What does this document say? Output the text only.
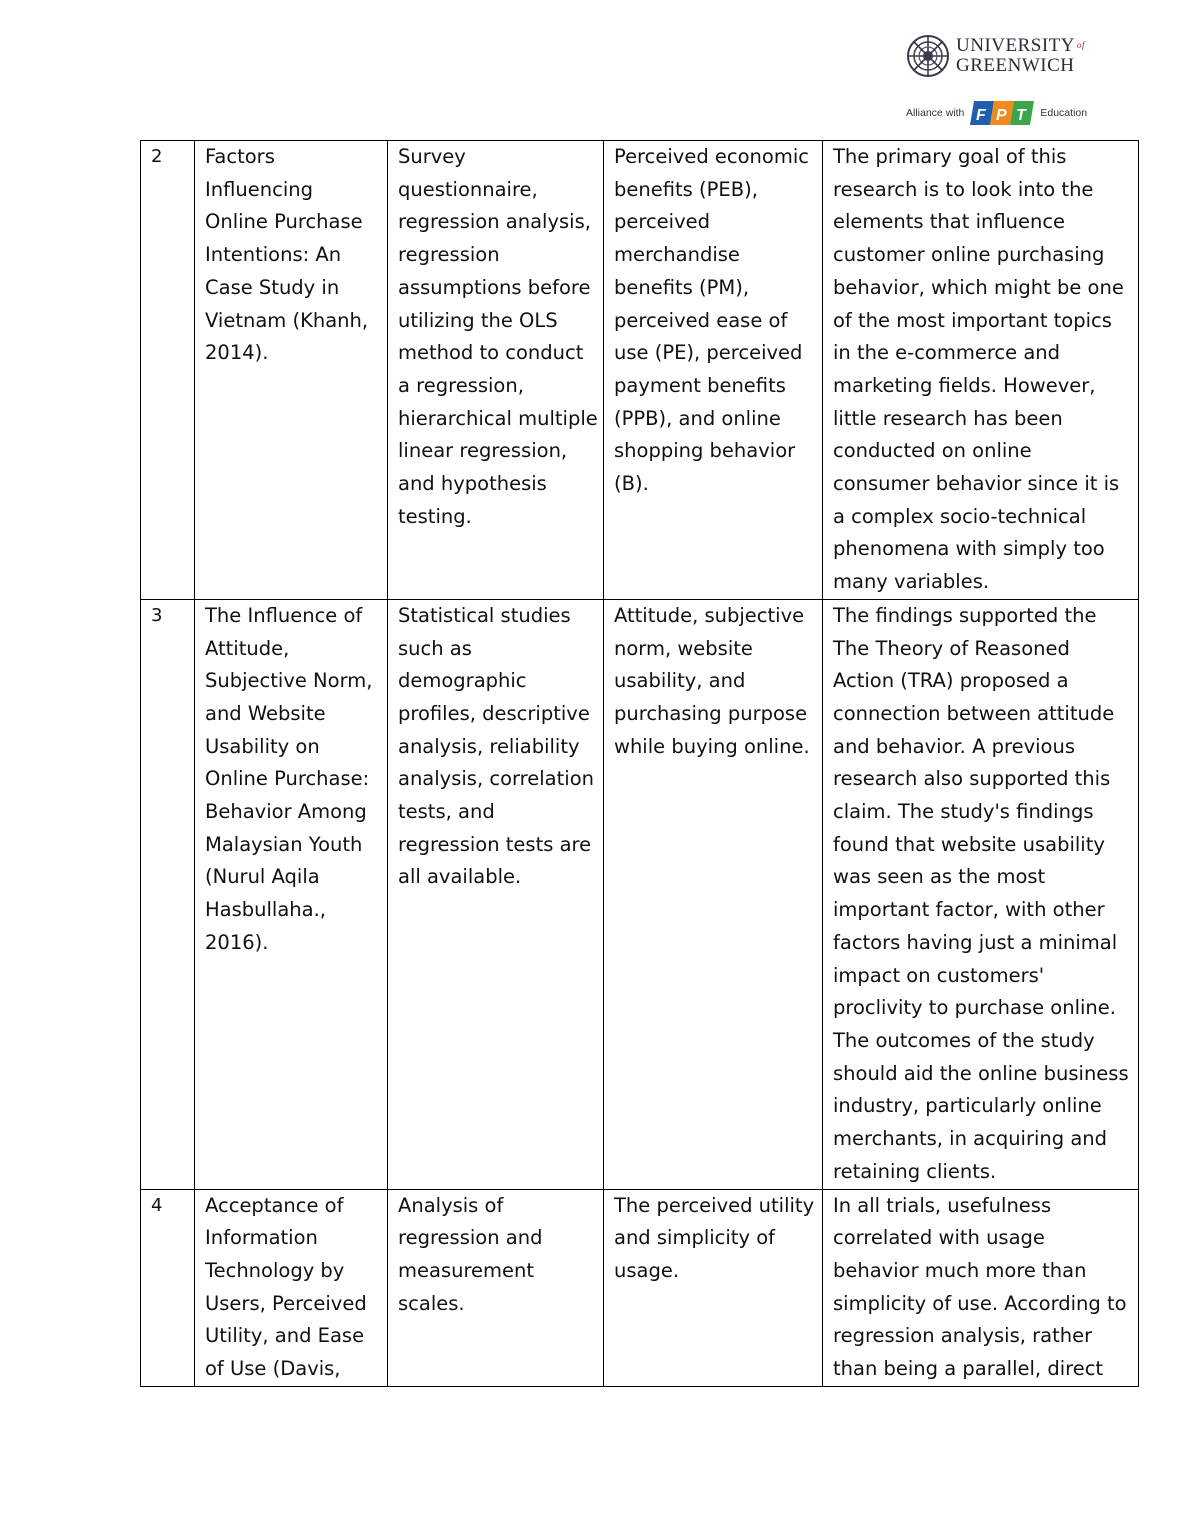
UNIVERSITY $^{of}$
GREENWICH
Alliance with F P T Education
2	Factors Influencing Online Purchase Intentions: An Case Study in Vietnam (Khanh, 2014).	Survey questionnaire, regression analysis, regression assumptions before utilizing the OLS method to conduct a regression, hierarchical multiple linear regression, and hypothesis testing.	Perceived economic benefits (PEB), perceived merchandise benefits (PM), perceived ease of use (PE), perceived payment benefits (PPB), and online shopping behavior (B).	The primary goal of this research is to look into the elements that influence customer online purchasing behavior, which might be one of the most important topics in the e-commerce and marketing fields. However, little research has been conducted on online consumer behavior since it is a complex socio-technical phenomena with simply too many variables.
3	The Influence of Attitude, Subjective Norm, and Website Usability on Online Purchase: Behavior Among Malaysian Youth (Nurul Aqila Hasbullaha., 2016).	Statistical studies such as demographic profiles, descriptive analysis, reliability analysis, correlation tests, and regression tests are all available.	Attitude, subjective norm, website usability, and purchasing purpose while buying online.	The findings supported the The Theory of Reasoned Action (TRA) proposed a connection between attitude and behavior. A previous research also supported this claim. The study's findings found that website usability was seen as the most important factor, with other factors having just a minimal impact on customers' proclivity to purchase online. The outcomes of the study should aid the online business industry, particularly online merchants, in acquiring and retaining clients.
4	Acceptance of Information Technology by Users, Perceived Utility, and Ease of Use (Davis,	Analysis of regression and measurement scales.	The perceived utility and simplicity of usage.	In all trials, usefulness correlated with usage behavior much more than simplicity of use. According to regression analysis, rather than being a parallel, direct
